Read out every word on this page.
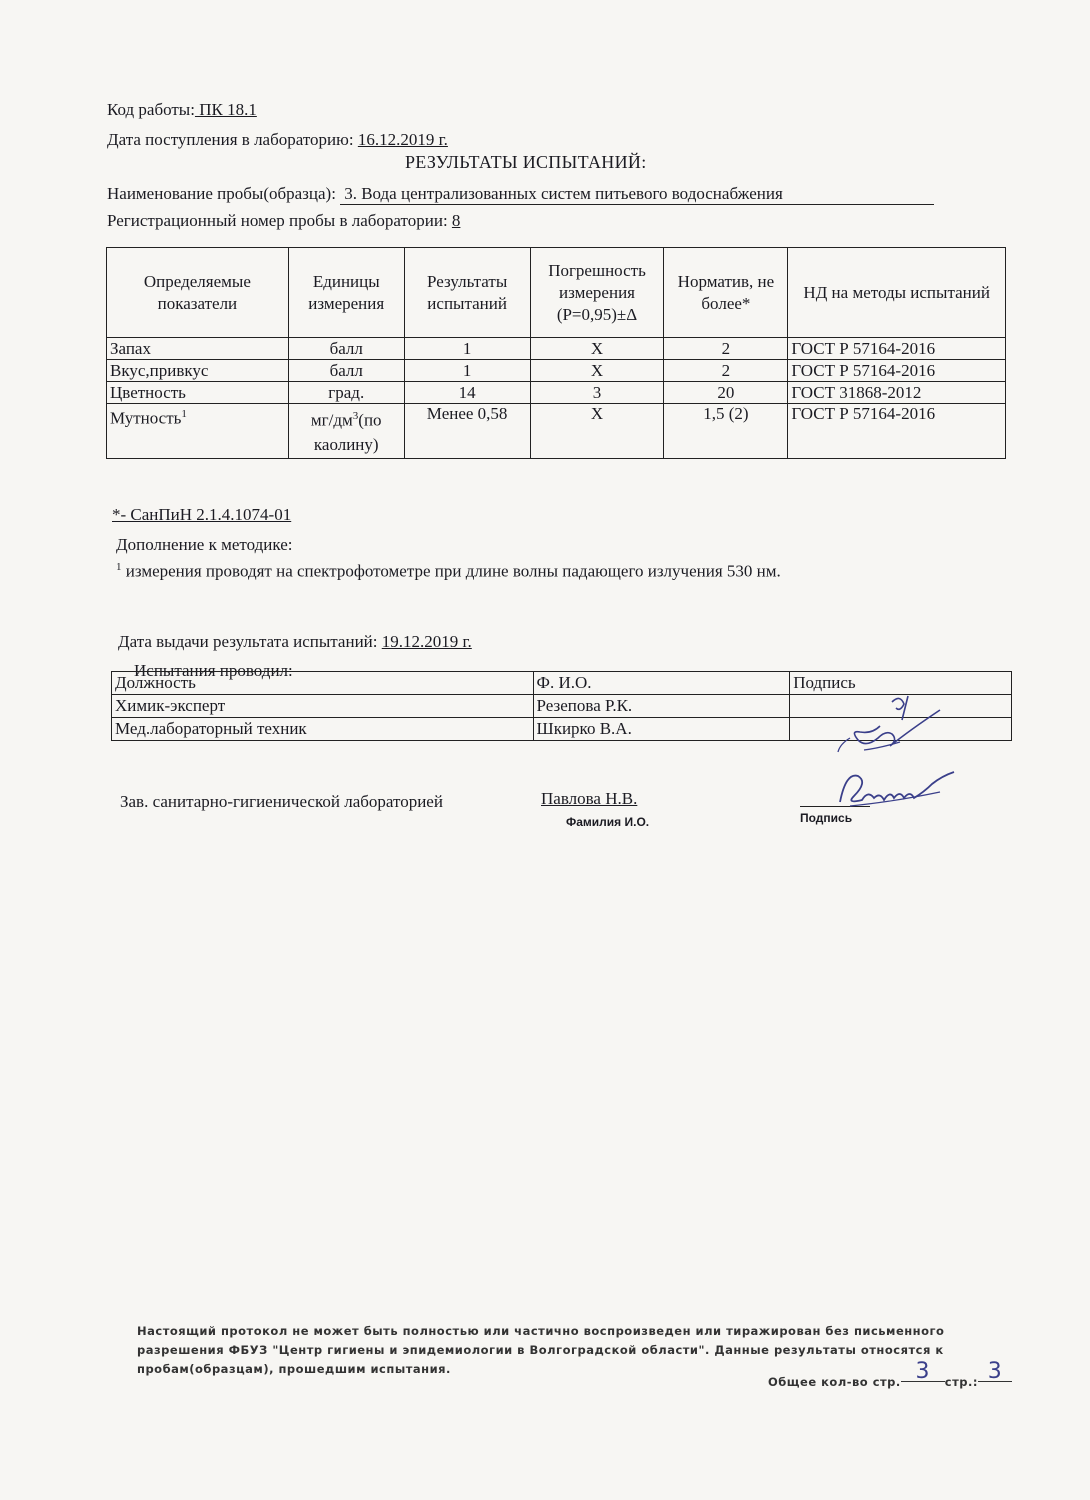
Код работы: ПК 18.1
Дата поступления в лабораторию: 16.12.2019 г.
РЕЗУЛЬТАТЫ ИСПЫТАНИЙ:
Наименование пробы(образца): 3. Вода централизованных систем питьевого водоснабжения
Регистрационный номер пробы в лаборатории: 8
Определяемые показатели	Единицы измерения	Результаты испытаний	Погрешность измерения (P=0,95)±Δ	Норматив, не более*	НД на методы испытаний
Запах	балл	1	X	2	ГОСТ Р 57164-2016
Вкус,привкус	балл	1	X	2	ГОСТ Р 57164-2016
Цветность	град.	14	3	20	ГОСТ 31868-2012
Мутность$^1$	$мг/дм^3(по$ каолину)	Менее 0,58	X	1,5 (2)	ГОСТ Р 57164-2016
*- СанПиН 2.1.4.1074-01
Дополнение к методике:
$^1$ измерения проводят на спектрофотометре при длине волны падающего излучения 530 нм.
Дата выдачи результата испытаний: 19.12.2019 г.
Испытания проводил:
Должность	Ф. И.О.	Подпись
Химик-эксперт	Резепова Р.К.	
Мед.лабораторный техник	Шкирко В.А.	
Зав. санитарно-гигиенической лабораторией	Павлова Н.В.
Фамилия И.О.	Подпись
Настоящий протокол не может быть полностью или частично воспроизведен или тиражирован без письменного
разрешения ФБУЗ "Центр гигиены и эпидемиологии в Волгоградской области". Данные результаты относятся к
пробам(образцам), прошедшим испытания.
Общее кол-во стр. 3 стр.: 3
